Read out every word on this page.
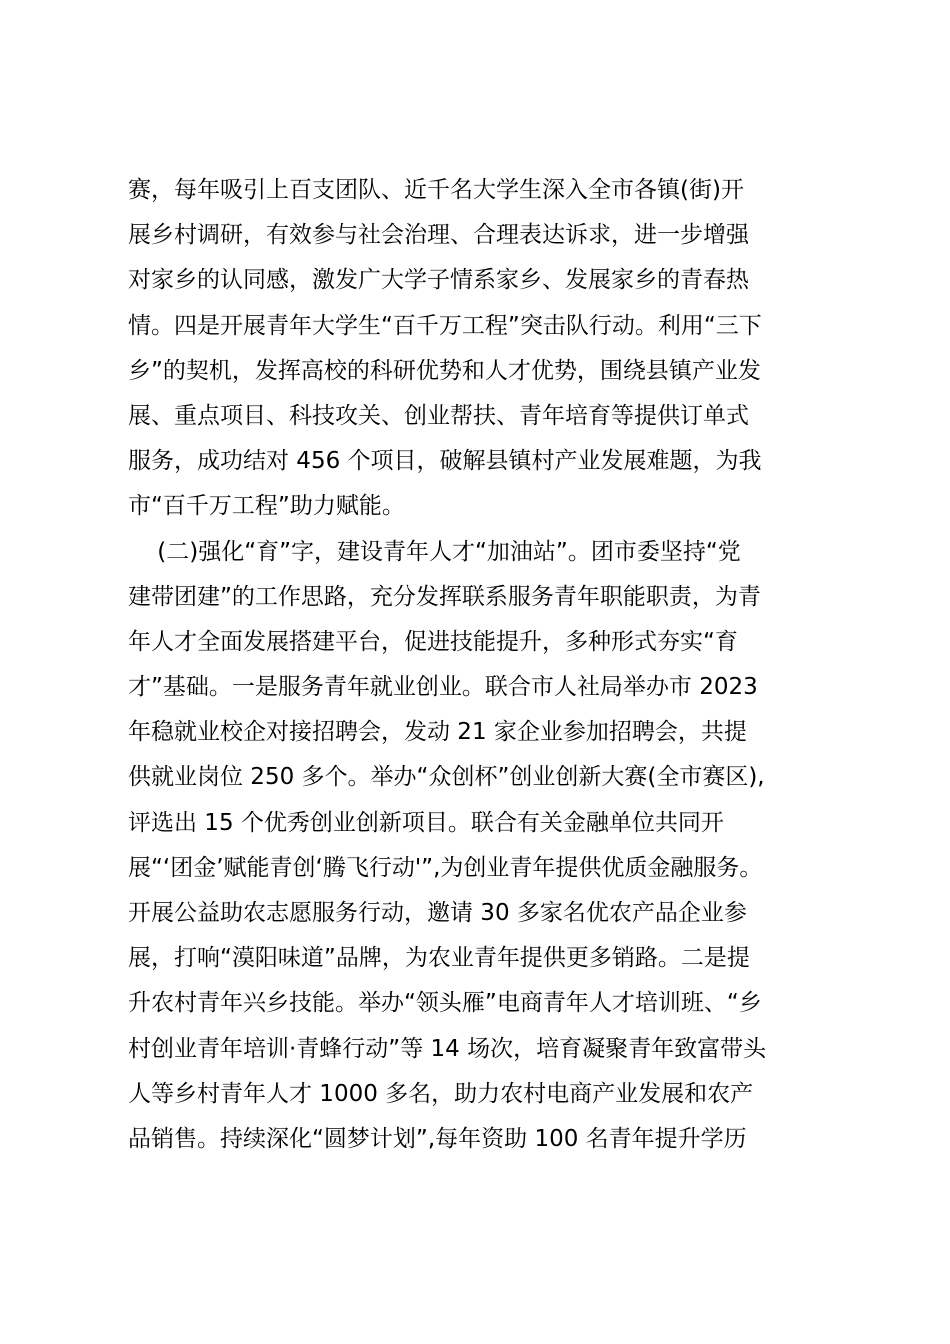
赛，每年吸引上百支团队、近千名大学生深入全市各镇(街)开
展乡村调研，有效参与社会治理、合理表达诉求，进一步增强
对家乡的认同感，激发广大学子情系家乡、发展家乡的青春热
情。四是开展青年大学生“百千万工程”突击队行动。利用“三下
乡”的契机，发挥高校的科研优势和人才优势，围绕县镇产业发
展、重点项目、科技攻关、创业帮扶、青年培育等提供订单式
服务，成功结对 456 个项目，破解县镇村产业发展难题，为我
市“百千万工程”助力赋能。
(二)强化“育”字，建设青年人才“加油站”。团市委坚持“党
建带团建”的工作思路，充分发挥联系服务青年职能职责，为青
年人才全面发展搭建平台，促进技能提升，多种形式夯实“育
才”基础。一是服务青年就业创业。联合市人社局举办市 2023
年稳就业校企对接招聘会，发动 21 家企业参加招聘会，共提
供就业岗位 250 多个。举办“众创杯”创业创新大赛(全市赛区),
评选出 15 个优秀创业创新项目。联合有关金融单位共同开
展“‘团金’赋能青创‘腾飞行动'”,为创业青年提供优质金融服务。
开展公益助农志愿服务行动，邀请 30 多家名优农产品企业参
展，打响“漠阳味道”品牌，为农业青年提供更多销路。二是提
升农村青年兴乡技能。举办“领头雁”电商青年人才培训班、“乡
村创业青年培训·青蜂行动”等 14 场次，培育凝聚青年致富带头
人等乡村青年人才 1000 多名，助力农村电商产业发展和农产
品销售。持续深化“圆梦计划”,每年资助 100 名青年提升学历
